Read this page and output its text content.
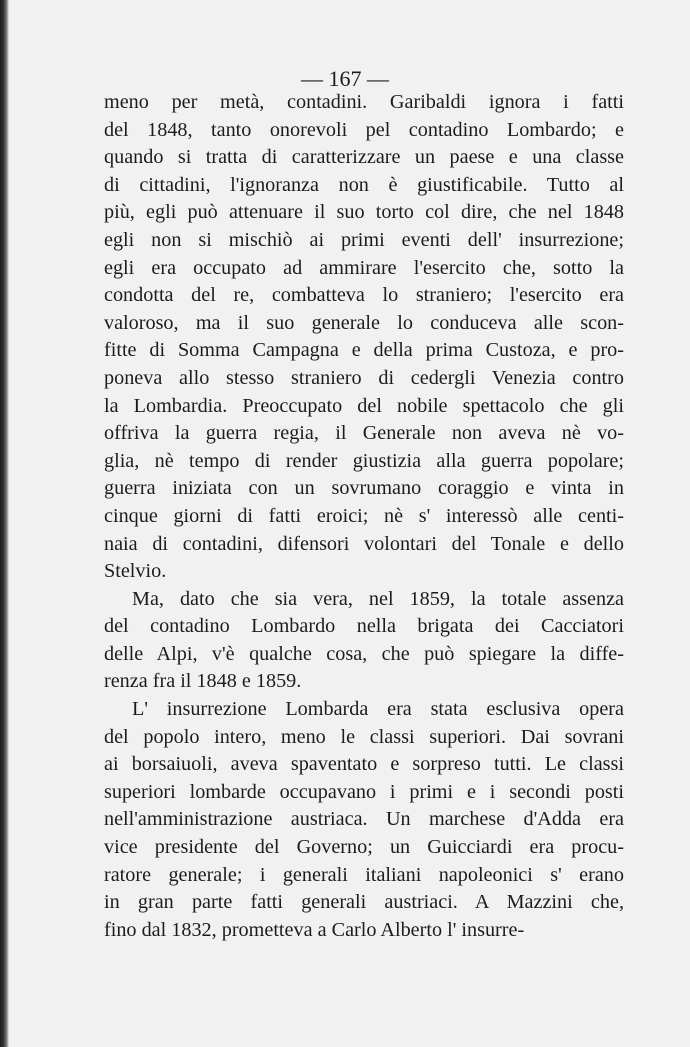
— 167 —
meno per metà, contadini. Garibaldi ignora i fatti
del 1848, tanto onorevoli pel contadino Lombardo; e
quando si tratta di caratterizzare un paese e una classe
di cittadini, l'ignoranza non è giustificabile. Tutto al
più, egli può attenuare il suo torto col dire, che nel 1848
egli non si mischiò ai primi eventi dell' insurrezione;
egli era occupato ad ammirare l'esercito che, sotto la
condotta del re, combatteva lo straniero; l'esercito era
valoroso, ma il suo generale lo conduceva alle scon-
fitte di Somma Campagna e della prima Custoza, e pro-
poneva allo stesso straniero di cedergli Venezia contro
la Lombardia. Preoccupato del nobile spettacolo che gli
offriva la guerra regia, il Generale non aveva nè vo-
glia, nè tempo di render giustizia alla guerra popolare;
guerra iniziata con un sovrumano coraggio e vinta in
cinque giorni di fatti eroici; nè s' interessò alle centi-
naia di contadini, difensori volontari del Tonale e dello
Stelvio.
Ma, dato che sia vera, nel 1859, la totale assenza
del contadino Lombardo nella brigata dei Cacciatori
delle Alpi, v'è qualche cosa, che può spiegare la diffe-
renza fra il 1848 e 1859.
L' insurrezione Lombarda era stata esclusiva opera
del popolo intero, meno le classi superiori. Dai sovrani
ai borsaiuoli, aveva spaventato e sorpreso tutti. Le classi
superiori lombarde occupavano i primi e i secondi posti
nell'amministrazione austriaca. Un marchese d'Adda era
vice presidente del Governo; un Guicciardi era procu-
ratore generale; i generali italiani napoleonici s' erano
in gran parte fatti generali austriaci. A Mazzini che,
fino dal 1832, prometteva a Carlo Alberto l' insurre-
